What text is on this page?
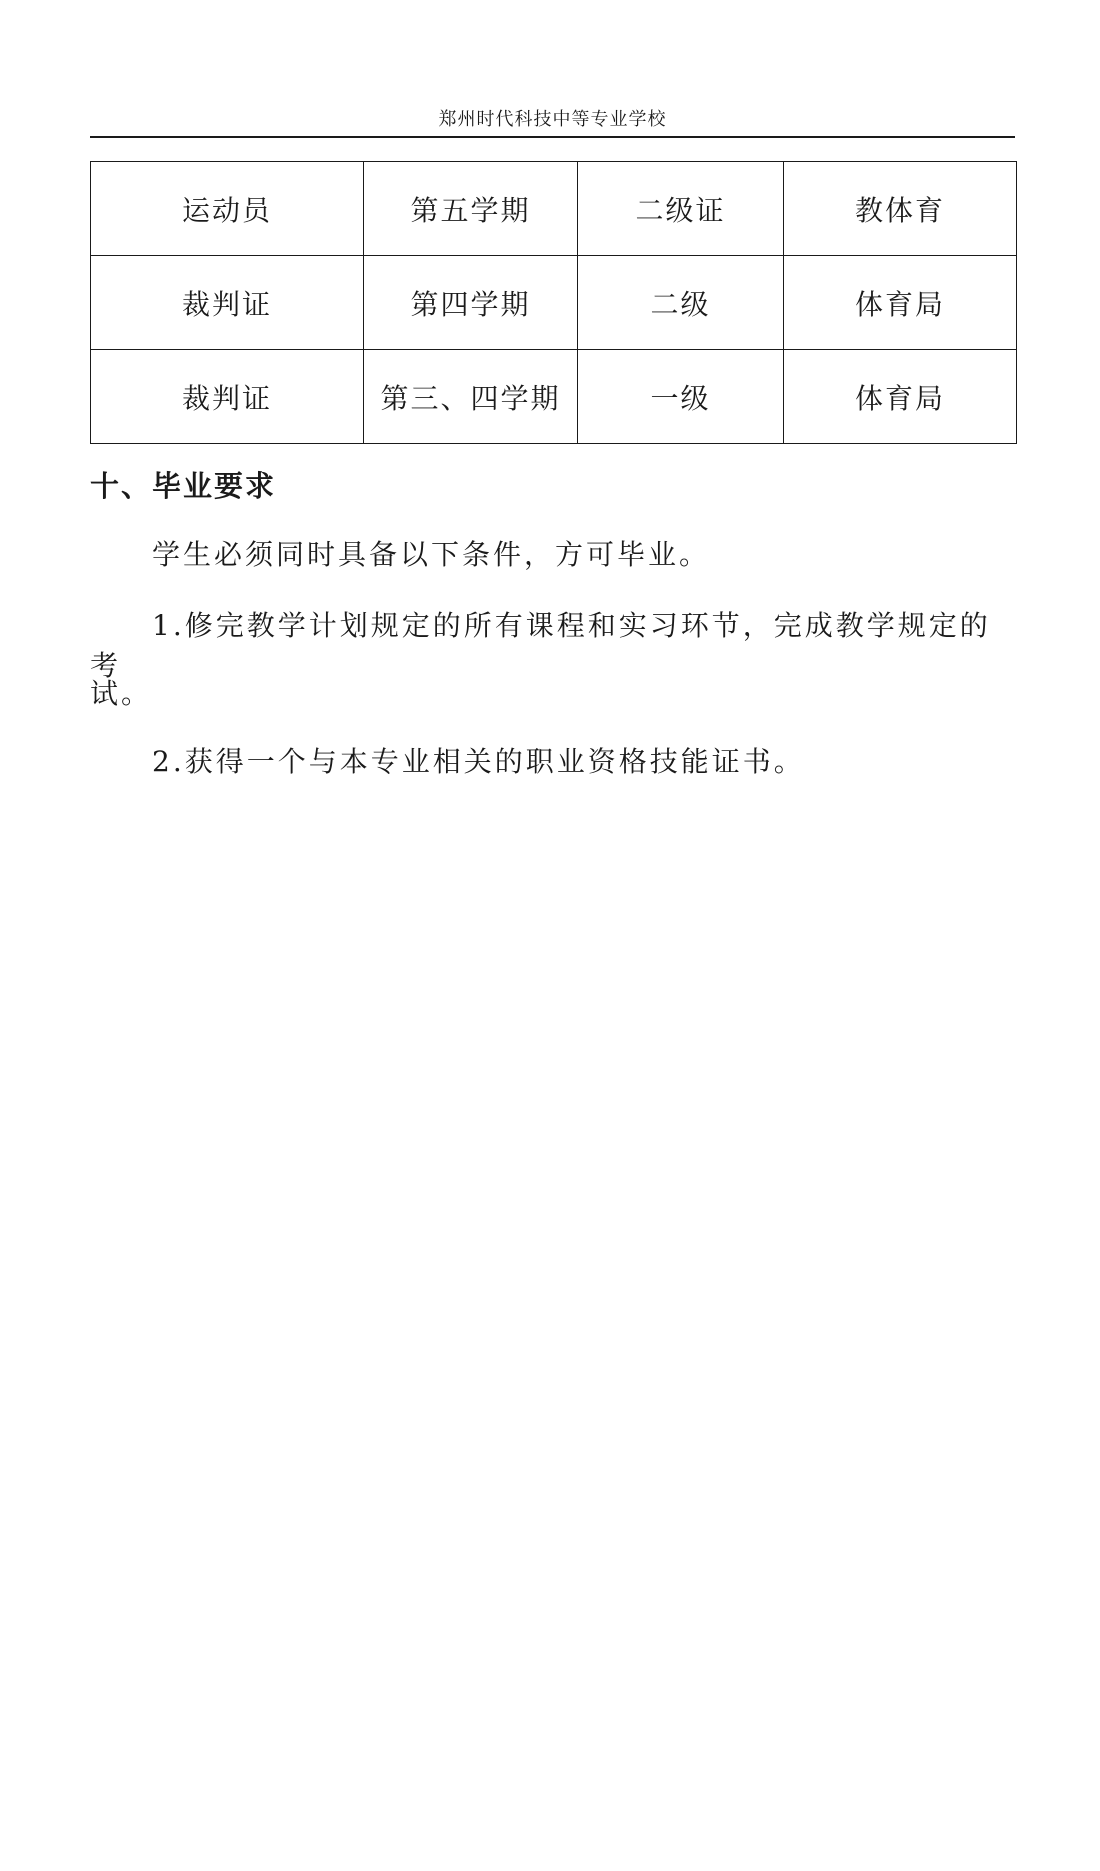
郑州时代科技中等专业学校
运动员	第五学期	二级证	教体育
裁判证	第四学期	二级	体育局
裁判证	第三、四学期	一级	体育局
十、毕业要求

学生必须同时具备以下条件，方可毕业。

1.修完教学计划规定的所有课程和实习环节，完成教学规定的考

试。

2.获得一个与本专业相关的职业资格技能证书。
